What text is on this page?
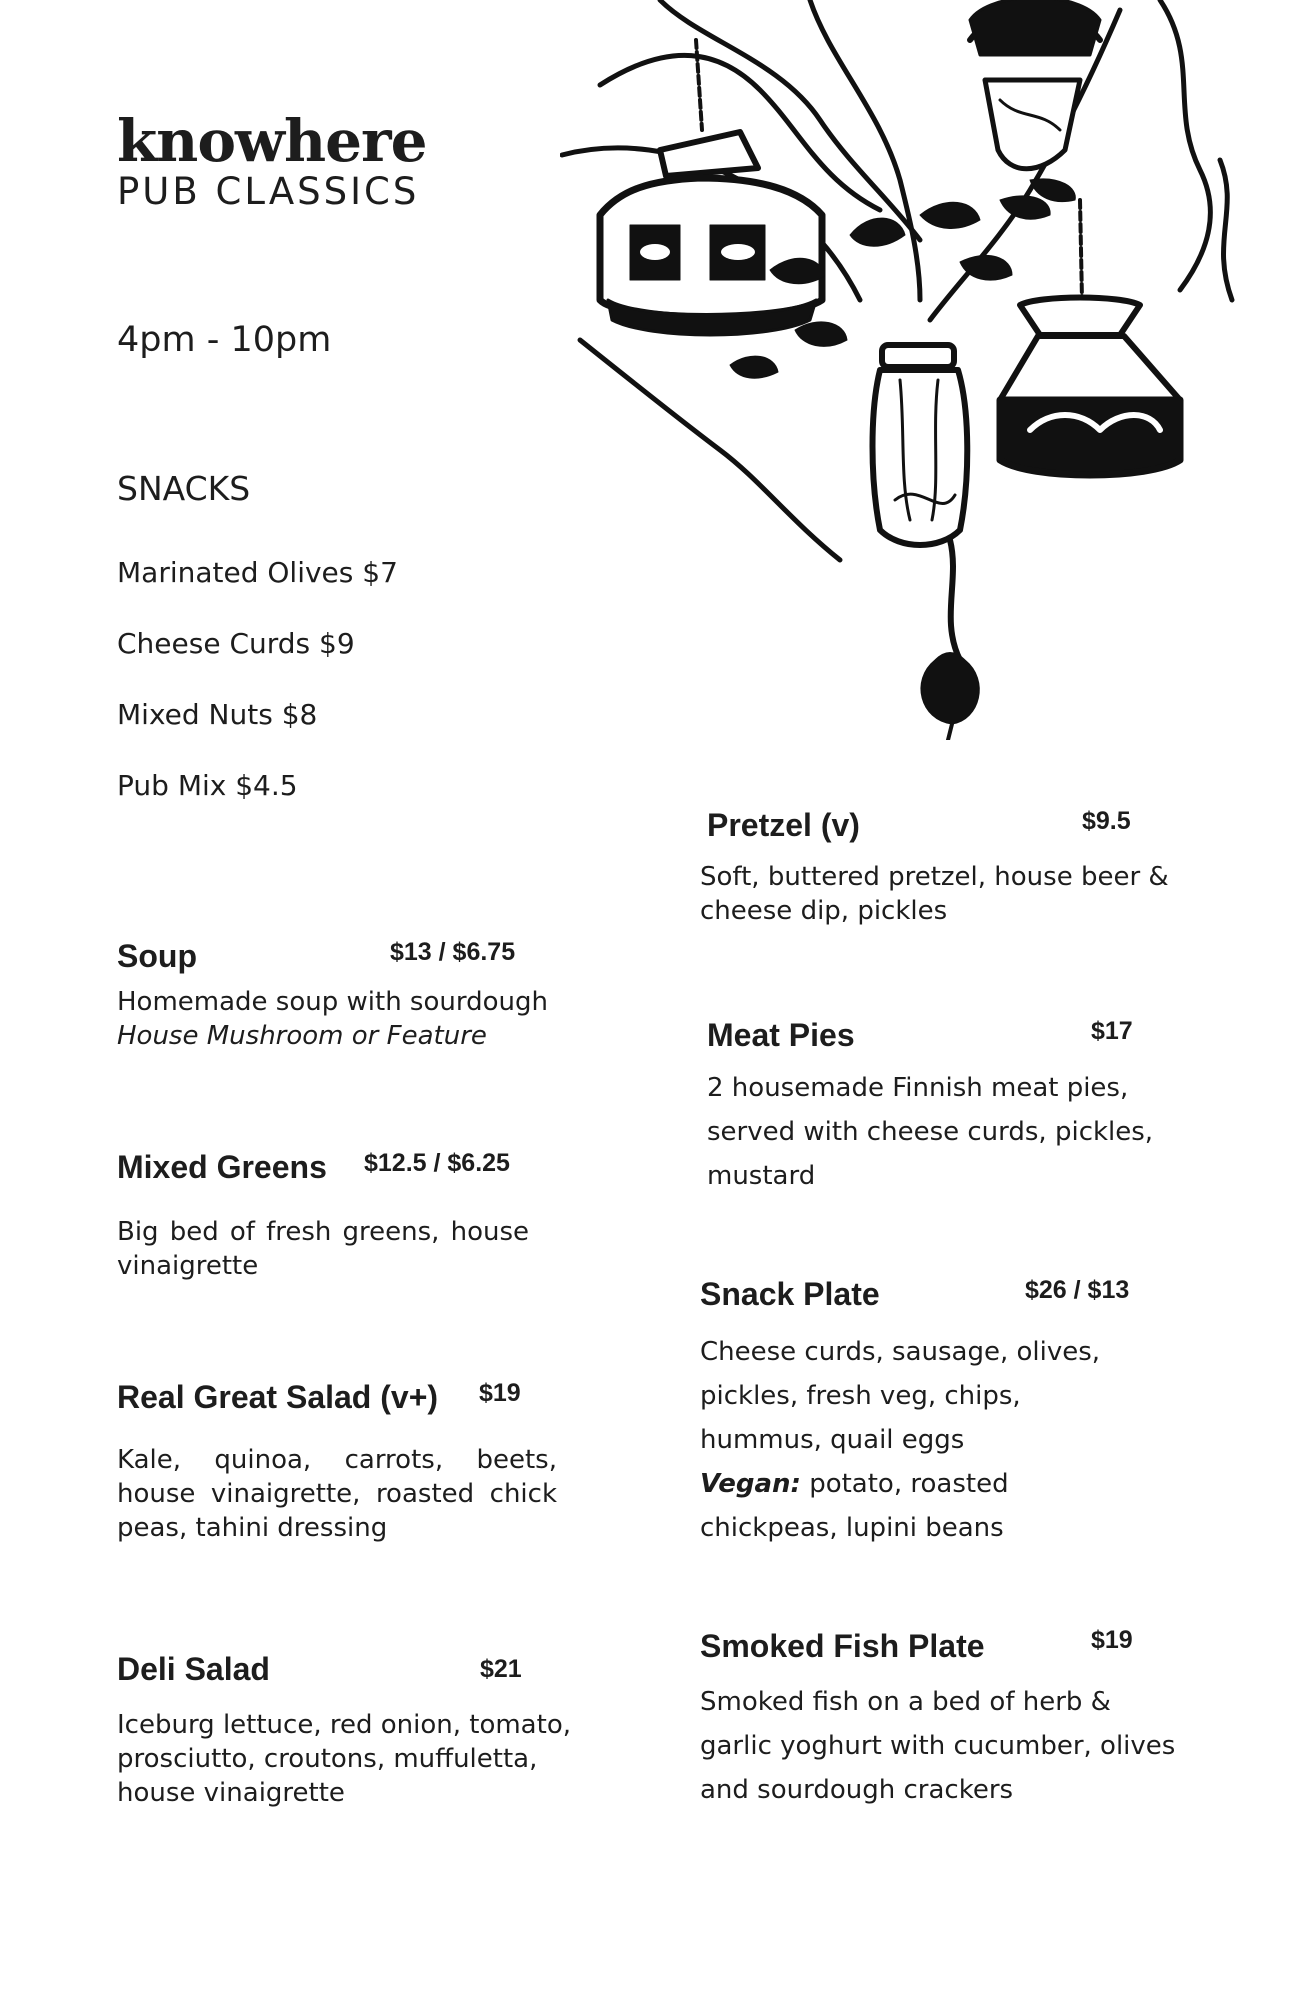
knowhere
PUB CLASSICS
4pm - 10pm
SNACKS
Marinated Olives $7
Cheese Curds $9
Mixed Nuts $8
Pub Mix $4.5
Soup	$13 / $6.75
Homemade soup with sourdough
House Mushroom or Feature
Mixed Greens $12.5 / $6.25
Big bed of fresh greens, house vinaigrette
Real Great Salad (v+) $19
Kale, quinoa, carrots, beets, house vinaigrette, roasted chick peas, tahini dressing
Deli Salad	$21
Iceburg lettuce, red onion, tomato, prosciutto, croutons, muffuletta, house vinaigrette
Pretzel (v)	$9.5
Soft, buttered pretzel, house beer & cheese dip, pickles
Meat Pies	$17
2 housemade Finnish meat pies, served with cheese curds, pickles, mustard
Snack Plate	$26 / $13
Cheese curds, sausage, olives, pickles, fresh veg, chips, hummus, quail eggs
Vegan: potato, roasted chickpeas, lupini beans
Smoked Fish Plate	$19
Smoked fish on a bed of herb & garlic yoghurt with cucumber, olives and sourdough crackers
